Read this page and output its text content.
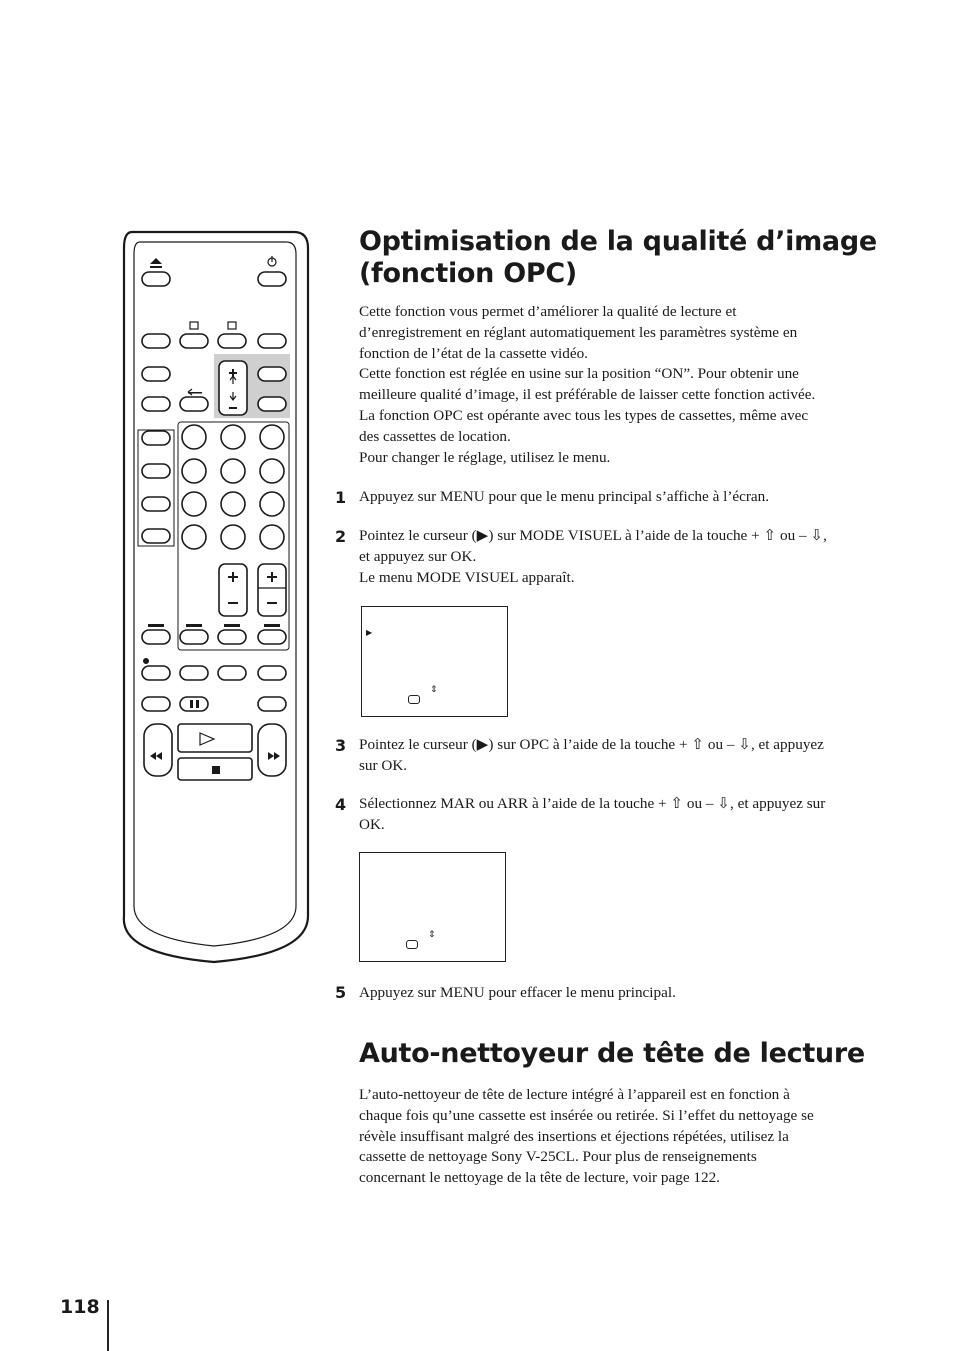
Optimisation de la qualité d’image
(fonction OPC)
Cette fonction vous permet d’améliorer la qualité de lecture et
d’enregistrement en réglant automatiquement les paramètres système en
fonction de l’état de la cassette vidéo.
Cette fonction est réglée en usine sur la position “ON”. Pour obtenir une
meilleure qualité d’image, il est préférable de laisser cette fonction activée.
La fonction OPC est opérante avec tous les types de cassettes, même avec
des cassettes de location.
Pour changer le réglage, utilisez le menu.
1 Appuyez sur MENU pour que le menu principal s’affiche à l’écran.
2 Pointez le curseur (▶) sur MODE VISUEL à l’aide de la touche + ⇧ ou – ⇩,
et appuyez sur OK.
Le menu MODE VISUEL apparaît.
▶
⇕
3 Pointez le curseur (▶) sur OPC à l’aide de la touche + ⇧ ou – ⇩, et appuyez
sur OK.
4 Sélectionnez MAR ou ARR à l’aide de la touche + ⇧ ou – ⇩, et appuyez sur
OK.
⇕
5 Appuyez sur MENU pour effacer le menu principal.
Auto-nettoyeur de tête de lecture
L’auto-nettoyeur de tête de lecture intégré à l’appareil est en fonction à
chaque fois qu’une cassette est insérée ou retirée. Si l’effet du nettoyage se
révèle insuffisant malgré des insertions et éjections répétées, utilisez la
cassette de nettoyage Sony V-25CL. Pour plus de renseignements
concernant le nettoyage de la tête de lecture, voir page 122.
118
